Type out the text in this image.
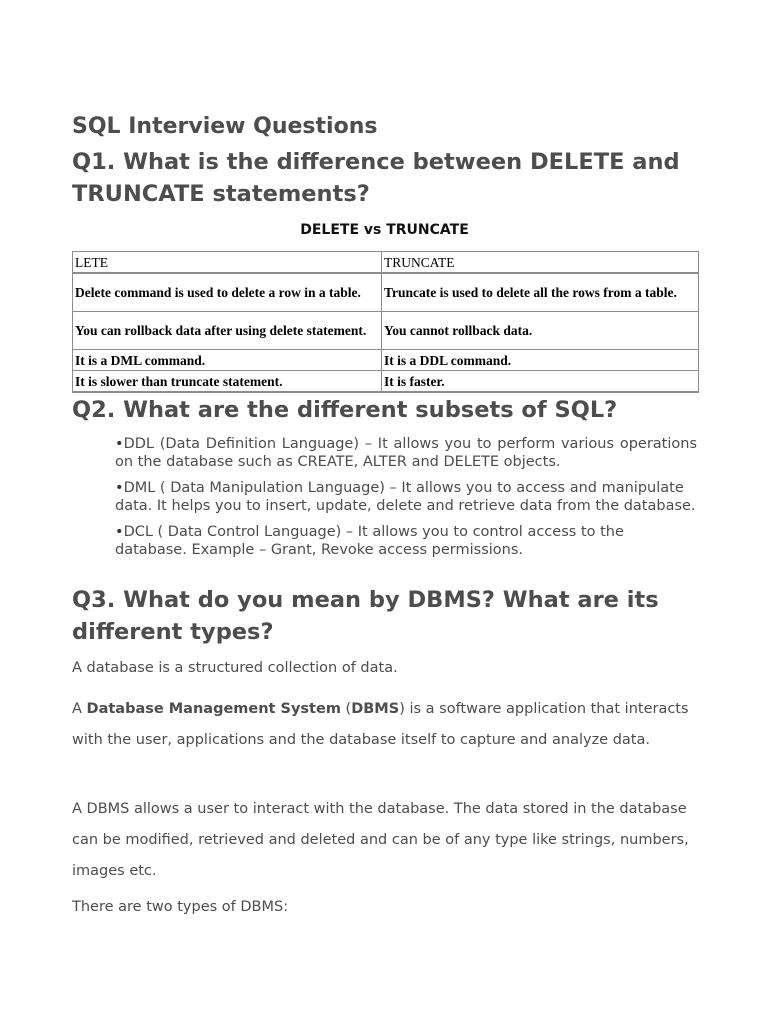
SQL Interview Questions
Q1. What is the difference between DELETE and TRUNCATE statements?
DELETE vs TRUNCATE
LETE	TRUNCATE
Delete command is used to delete a row in a table.	Truncate is used to delete all the rows from a table.
You can rollback data after using delete statement.	You cannot rollback data.
It is a DML command.	It is a DDL command.
It is slower than truncate statement.	It is faster.
Q2. What are the different subsets of SQL?
•DDL (Data Definition Language) – It allows you to perform various operations on the database such as CREATE, ALTER and DELETE objects.
•DML ( Data Manipulation Language) – It allows you to access and manipulate data. It helps you to insert, update, delete and retrieve data from the database.
•DCL ( Data Control Language) – It allows you to control access to the database. Example – Grant, Revoke access permissions.
Q3. What do you mean by DBMS? What are its different types?

A database is a structured collection of data.

A Database Management System (DBMS) is a software application that interacts with the user, applications and the database itself to capture and analyze data.

A DBMS allows a user to interact with the database. The data stored in the database can be modified, retrieved and deleted and can be of any type like strings, numbers, images etc.

There are two types of DBMS:
